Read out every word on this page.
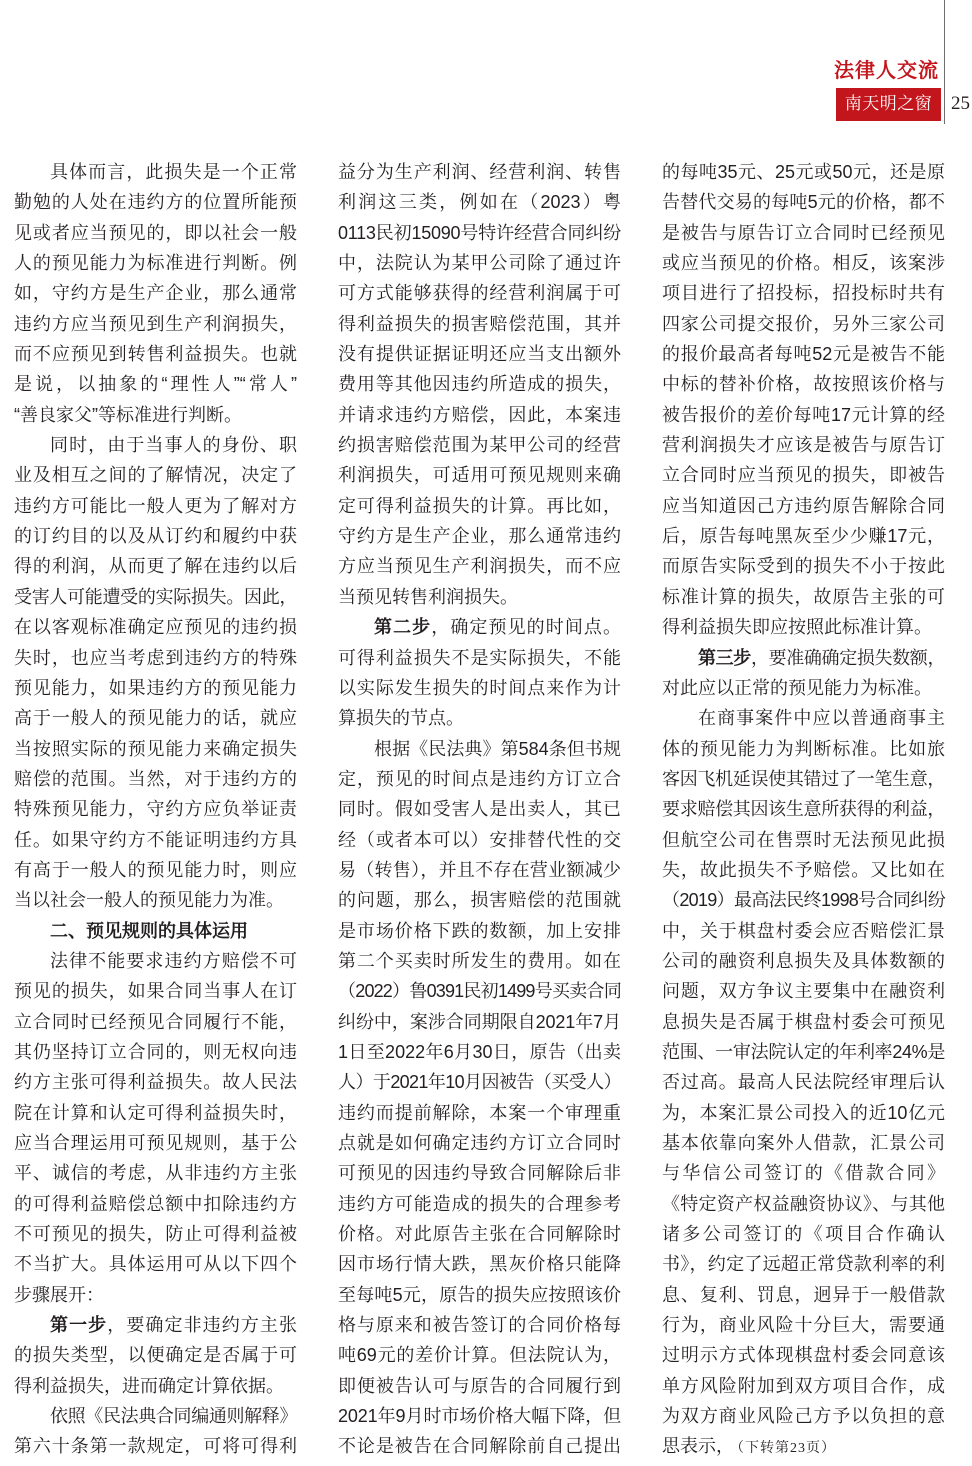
法律人交流
南天明之窗 25
具体而言，此损失是一个正常
勤勉的人处在违约方的位置所能预
见或者应当预见的，即以社会一般
人的预见能力为标准进行判断。例
如，守约方是生产企业，那么通常
违约方应当预见到生产利润损失，
而不应预见到转售利益损失。也就
是说，以抽象的“理性人”“常人”
“善良家父”等标准进行判断。
同时，由于当事人的身份、职
业及相互之间的了解情况，决定了
违约方可能比一般人更为了解对方
的订约目的以及从订约和履约中获
得的利润，从而更了解在违约以后
受害人可能遭受的实际损失。因此，
在以客观标准确定应预见的违约损
失时，也应当考虑到违约方的特殊
预见能力，如果违约方的预见能力
高于一般人的预见能力的话，就应
当按照实际的预见能力来确定损失
赔偿的范围。当然，对于违约方的
特殊预见能力，守约方应负举证责
任。如果守约方不能证明违约方具
有高于一般人的预见能力时，则应
当以社会一般人的预见能力为准。
二、预见规则的具体运用
法律不能要求违约方赔偿不可
预见的损失，如果合同当事人在订
立合同时已经预见合同履行不能，
其仍坚持订立合同的，则无权向违
约方主张可得利益损失。故人民法
院在计算和认定可得利益损失时，
应当合理运用可预见规则，基于公
平、诚信的考虑，从非违约方主张
的可得利益赔偿总额中扣除违约方
不可预见的损失，防止可得利益被
不当扩大。具体运用可从以下四个
步骤展开：
第一步，要确定非违约方主张
的损失类型，以便确定是否属于可
得利益损失，进而确定计算依据。
依照《民法典合同编通则解释》
第六十条第一款规定，可将可得利
益分为生产利润、经营利润、转售
利润这三类，例如在（2023）粤
0113民初15090号特许经营合同纠纷
中，法院认为某甲公司除了通过许
可方式能够获得的经营利润属于可
得利益损失的损害赔偿范围，其并
没有提供证据证明还应当支出额外
费用等其他因违约所造成的损失，
并请求违约方赔偿，因此，本案违
约损害赔偿范围为某甲公司的经营
利润损失，可适用可预见规则来确
定可得利益损失的计算。再比如，
守约方是生产企业，那么通常违约
方应当预见生产利润损失，而不应
当预见转售利润损失。
第二步，确定预见的时间点。
可得利益损失不是实际损失，不能
以实际发生损失的时间点来作为计
算损失的节点。
根据《民法典》第584条但书规
定，预见的时间点是违约方订立合
同时。假如受害人是出卖人，其已
经（或者本可以）安排替代性的交
易（转售），并且不存在营业额减少
的问题，那么，损害赔偿的范围就
是市场价格下跌的数额，加上安排
第二个买卖时所发生的费用。如在
（2022）鲁0391民初1499号买卖合同
纠纷中，案涉合同期限自2021年7月
1日至2022年6月30日，原告（出卖
人）于2021年10月因被告（买受人）
违约而提前解除，本案一个审理重
点就是如何确定违约方订立合同时
可预见的因违约导致合同解除后非
违约方可能造成的损失的合理参考
价格。对此原告主张在合同解除时
因市场行情大跌，黑灰价格只能降
至每吨5元，原告的损失应按照该价
格与原来和被告签订的合同价格每
吨69元的差价计算。但法院认为，
即便被告认可与原告的合同履行到
2021年9月时市场价格大幅下降，但
不论是被告在合同解除前自己提出
的每吨35元、25元或50元，还是原
告替代交易的每吨5元的价格，都不
是被告与原告订立合同时已经预见
或应当预见的价格。相反，该案涉
项目进行了招投标，招投标时共有
四家公司提交报价，另外三家公司
的报价最高者每吨52元是被告不能
中标的替补价格，故按照该价格与
被告报价的差价每吨17元计算的经
营利润损失才应该是被告与原告订
立合同时应当预见的损失，即被告
应当知道因己方违约原告解除合同
后，原告每吨黑灰至少少赚17元，
而原告实际受到的损失不小于按此
标准计算的损失，故原告主张的可
得利益损失即应按照此标准计算。
第三步，要准确确定损失数额，
对此应以正常的预见能力为标准。
在商事案件中应以普通商事主
体的预见能力为判断标准。比如旅
客因飞机延误使其错过了一笔生意，
要求赔偿其因该生意所获得的利益，
但航空公司在售票时无法预见此损
失，故此损失不予赔偿。又比如在
（2019）最高法民终1998号合同纠纷
中，关于棋盘村委会应否赔偿汇景
公司的融资利息损失及具体数额的
问题，双方争议主要集中在融资利
息损失是否属于棋盘村委会可预见
范围、一审法院认定的年利率24%是
否过高。最高人民法院经审理后认
为，本案汇景公司投入的近10亿元
基本依靠向案外人借款，汇景公司
与华信公司签订的《借款合同》
《特定资产权益融资协议》、与其他
诸多公司签订的《项目合作确认
书》，约定了远超正常贷款利率的利
息、复利、罚息，迥异于一般借款
行为，商业风险十分巨大，需要通
过明示方式体现棋盘村委会同意该
单方风险附加到双方项目合作，成
为双方商业风险己方予以负担的意
思表示， （下转第23页）
